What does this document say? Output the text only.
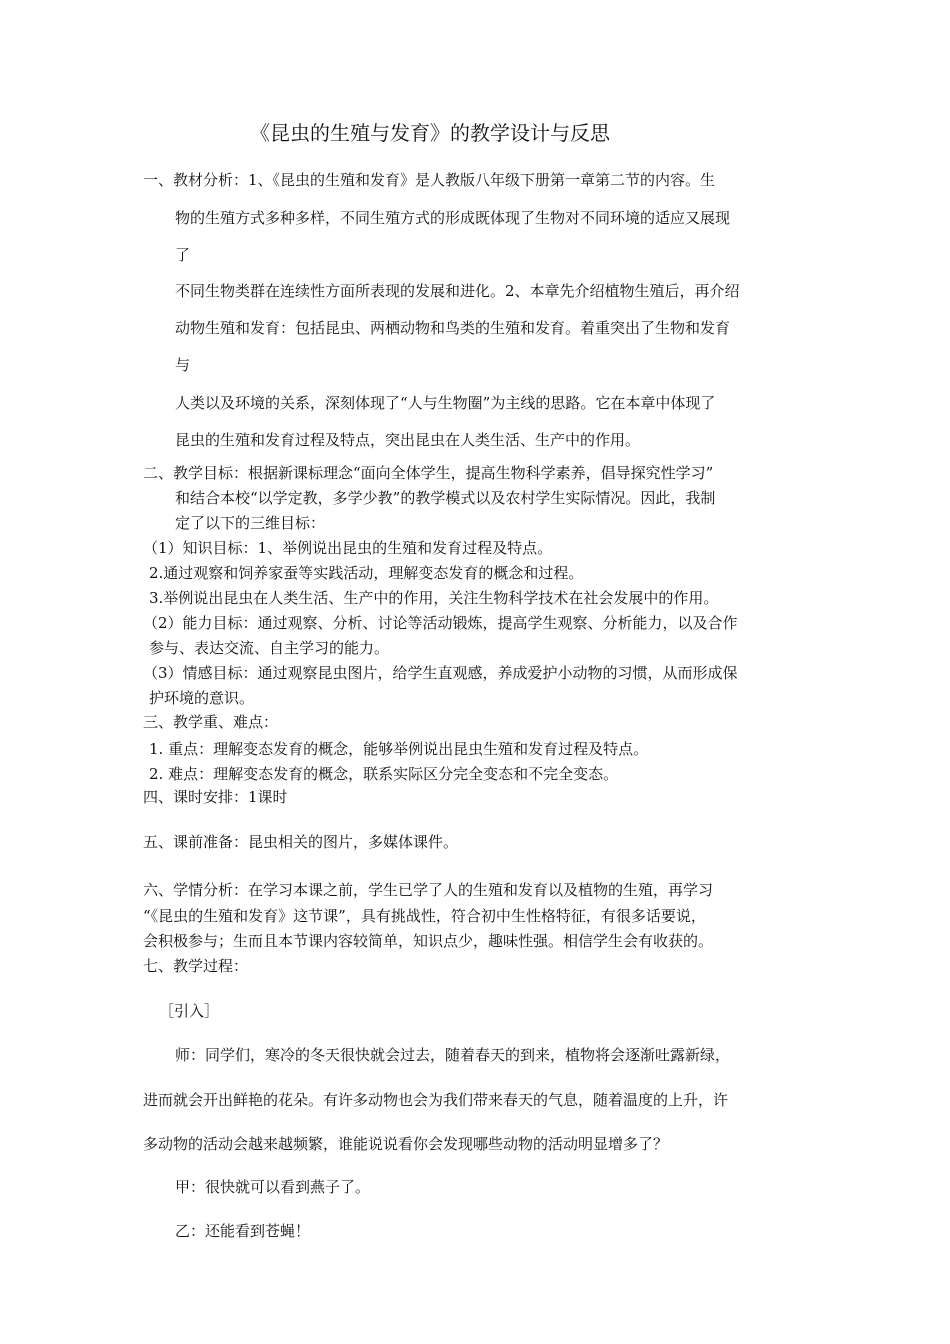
《昆虫的生殖与发育》的教学设计与反思
一、教材分析：1、《昆虫的生殖和发育》是人教版八年级下册第一章第二节的内容。生
物的生殖方式多种多样，不同生殖方式的形成既体现了生物对不同环境的适应又展现
了
不同生物类群在连续性方面所表现的发展和进化。2、本章先介绍植物生殖后，再介绍
动物生殖和发育：包括昆虫、两栖动物和鸟类的生殖和发育。着重突出了生物和发育
与
人类以及环境的关系，深刻体现了“人与生物圈”为主线的思路。它在本章中体现了
昆虫的生殖和发育过程及特点，突出昆虫在人类生活、生产中的作用。
二、教学目标：根据新课标理念“面向全体学生，提高生物科学素养，倡导探究性学习”
和结合本校“以学定教，多学少教”的教学模式以及农村学生实际情况。因此，我制
定了以下的三维目标：
（1）知识目标：1、举例说出昆虫的生殖和发育过程及特点。
2.通过观察和饲养家蚕等实践活动，理解变态发育的概念和过程。
3.举例说出昆虫在人类生活、生产中的作用，关注生物科学技术在社会发展中的作用。
（2）能力目标：通过观察、分析、讨论等活动锻炼，提高学生观察、分析能力，以及合作
参与、表达交流、自主学习的能力。
（3）情感目标：通过观察昆虫图片，给学生直观感，养成爱护小动物的习惯，从而形成保
护环境的意识。
三、教学重、难点：
1. 重点：理解变态发育的概念，能够举例说出昆虫生殖和发育过程及特点。
2. 难点：理解变态发育的概念，联系实际区分完全变态和不完全变态。
四、课时安排：1课时
五、课前准备：昆虫相关的图片，多媒体课件。
六、学情分析：在学习本课之前，学生已学了人的生殖和发育以及植物的生殖，再学习
“《昆虫的生殖和发育》这节课”，具有挑战性，符合初中生性格特征，有很多话要说，
会积极参与；生而且本节课内容较简单，知识点少，趣味性强。相信学生会有收获的。
七、教学过程：
［引入］
师：同学们，寒冷的冬天很快就会过去，随着春天的到来，植物将会逐渐吐露新绿，
进而就会开出鲜艳的花朵。有许多动物也会为我们带来春天的气息，随着温度的上升，许
多动物的活动会越来越频繁，谁能说说看你会发现哪些动物的活动明显增多了？
甲：很快就可以看到燕子了。
乙：还能看到苍蝇！
